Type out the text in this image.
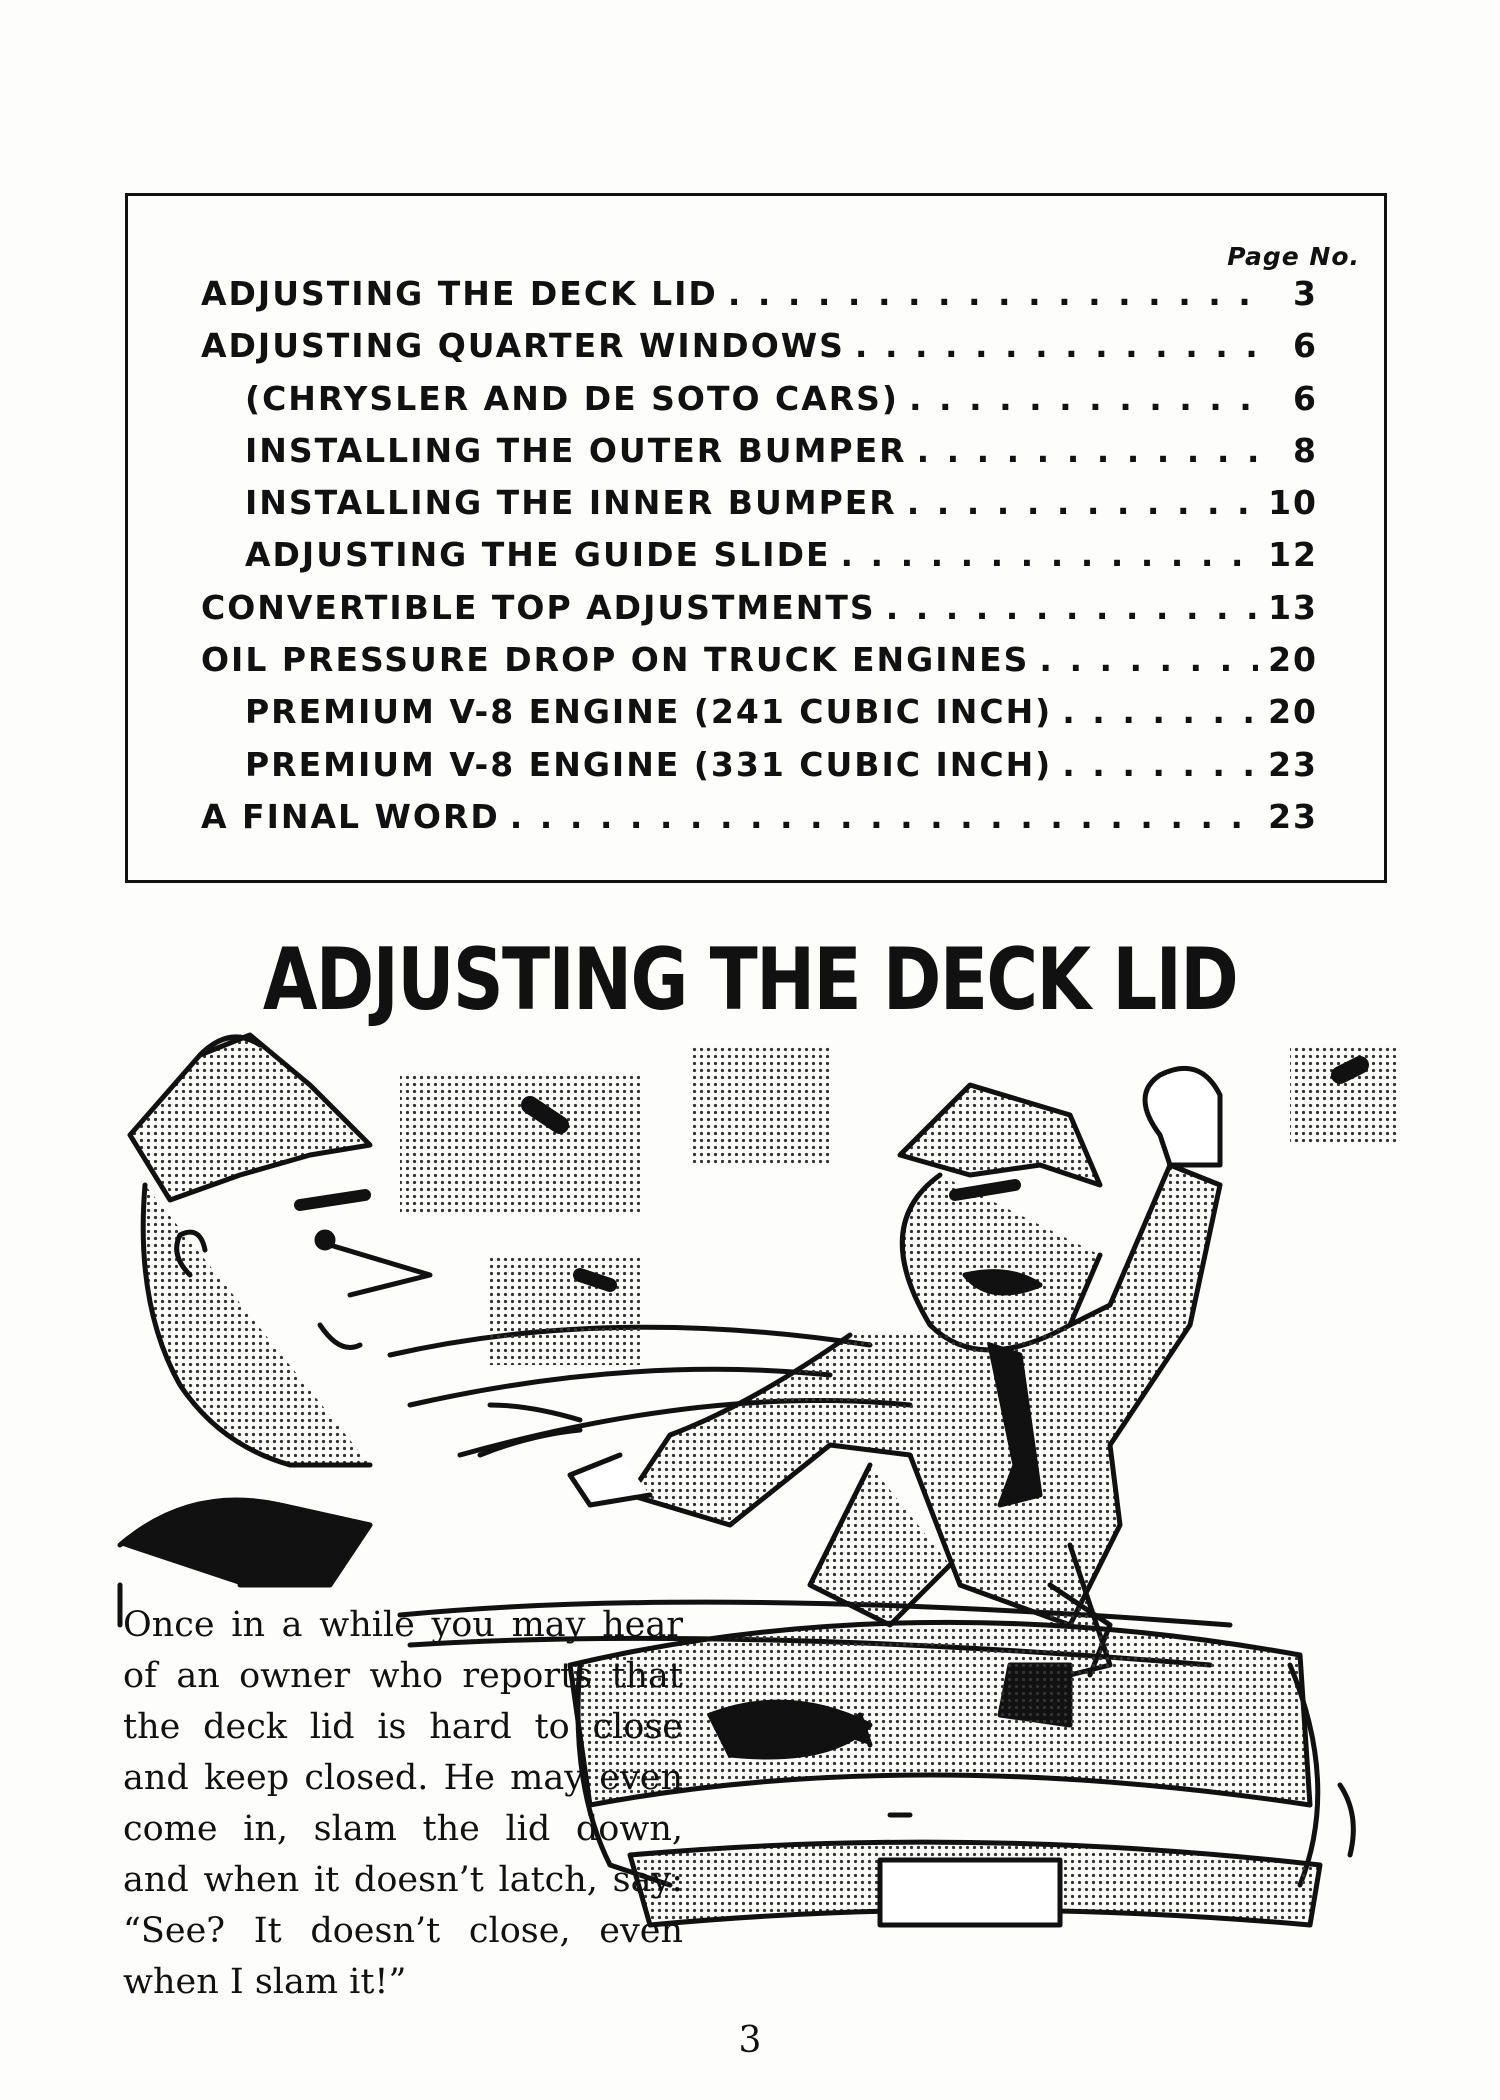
Page No.
ADJUSTING THE DECK LID . . .	3
ADJUSTING QUARTER WINDOWS . . .	6
(CHRYSLER AND DE SOTO CARS) . . .	6
INSTALLING THE OUTER BUMPER . . .	8
INSTALLING THE INNER BUMPER . . .	10
ADJUSTING THE GUIDE SLIDE . . .	12
CONVERTIBLE TOP ADJUSTMENTS . . .	13
OIL PRESSURE DROP ON TRUCK ENGINES . . .	20
PREMIUM V-8 ENGINE (241 CUBIC INCH) . . .	20
PREMIUM V-8 ENGINE (331 CUBIC INCH) . . .	23
A FINAL WORD . . .	23
ADJUSTING THE DECK LID
Once in a while you may hear of an owner who reports that the deck lid is hard to close and keep closed. He may even come in, slam the lid down, and when it doesn’t latch, say: “See? It doesn’t close, even when I slam it!”
3
